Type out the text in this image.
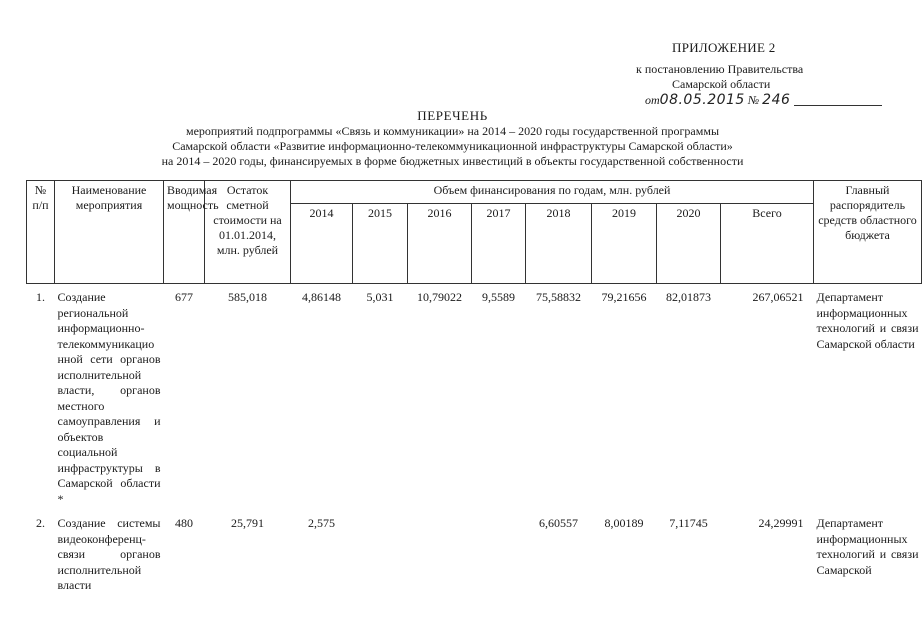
ПРИЛОЖЕНИЕ 2
к постановлению Правительства
Самарской области
от08.05.2015 № 246
ПЕРЕЧЕНЬ
мероприятий подпрограммы «Связь и коммуникации» на 2014 – 2020 годы государственной программы
Самарской области «Развитие информационно-телекоммуникационной инфраструктуры Самарской области»
на 2014 – 2020 годы, финансируемых в форме бюджетных инвестиций в объекты государственной собственности
№ п/п	Наименование мероприятия	Вводимая мощность	Остаток сметной стоимости на 01.01.2014, млн. рублей	Объем финансирования по годам, млн. рублей								Главный распорядитель средств областного бюджета
				2014	2015	2016	2017	2018	2019	2020	Всего	
1.	Создание региональной информационно-телекоммуникационной сети органов исполнительной власти, органов местного самоуправления и объектов социальной инфраструктуры в Самарской области *	677	585,018	4,86148	5,031	10,79022	9,5589	75,58832	79,21656	82,01873	267,06521	Департамент информационных технологий и связи Самарской области
2.	Создание системы видеоконференц-связи органов исполнительной власти	480	25,791	2,575				6,60557	8,00189	7,11745	24,29991	Департамент информационных технологий и связи Самарской
